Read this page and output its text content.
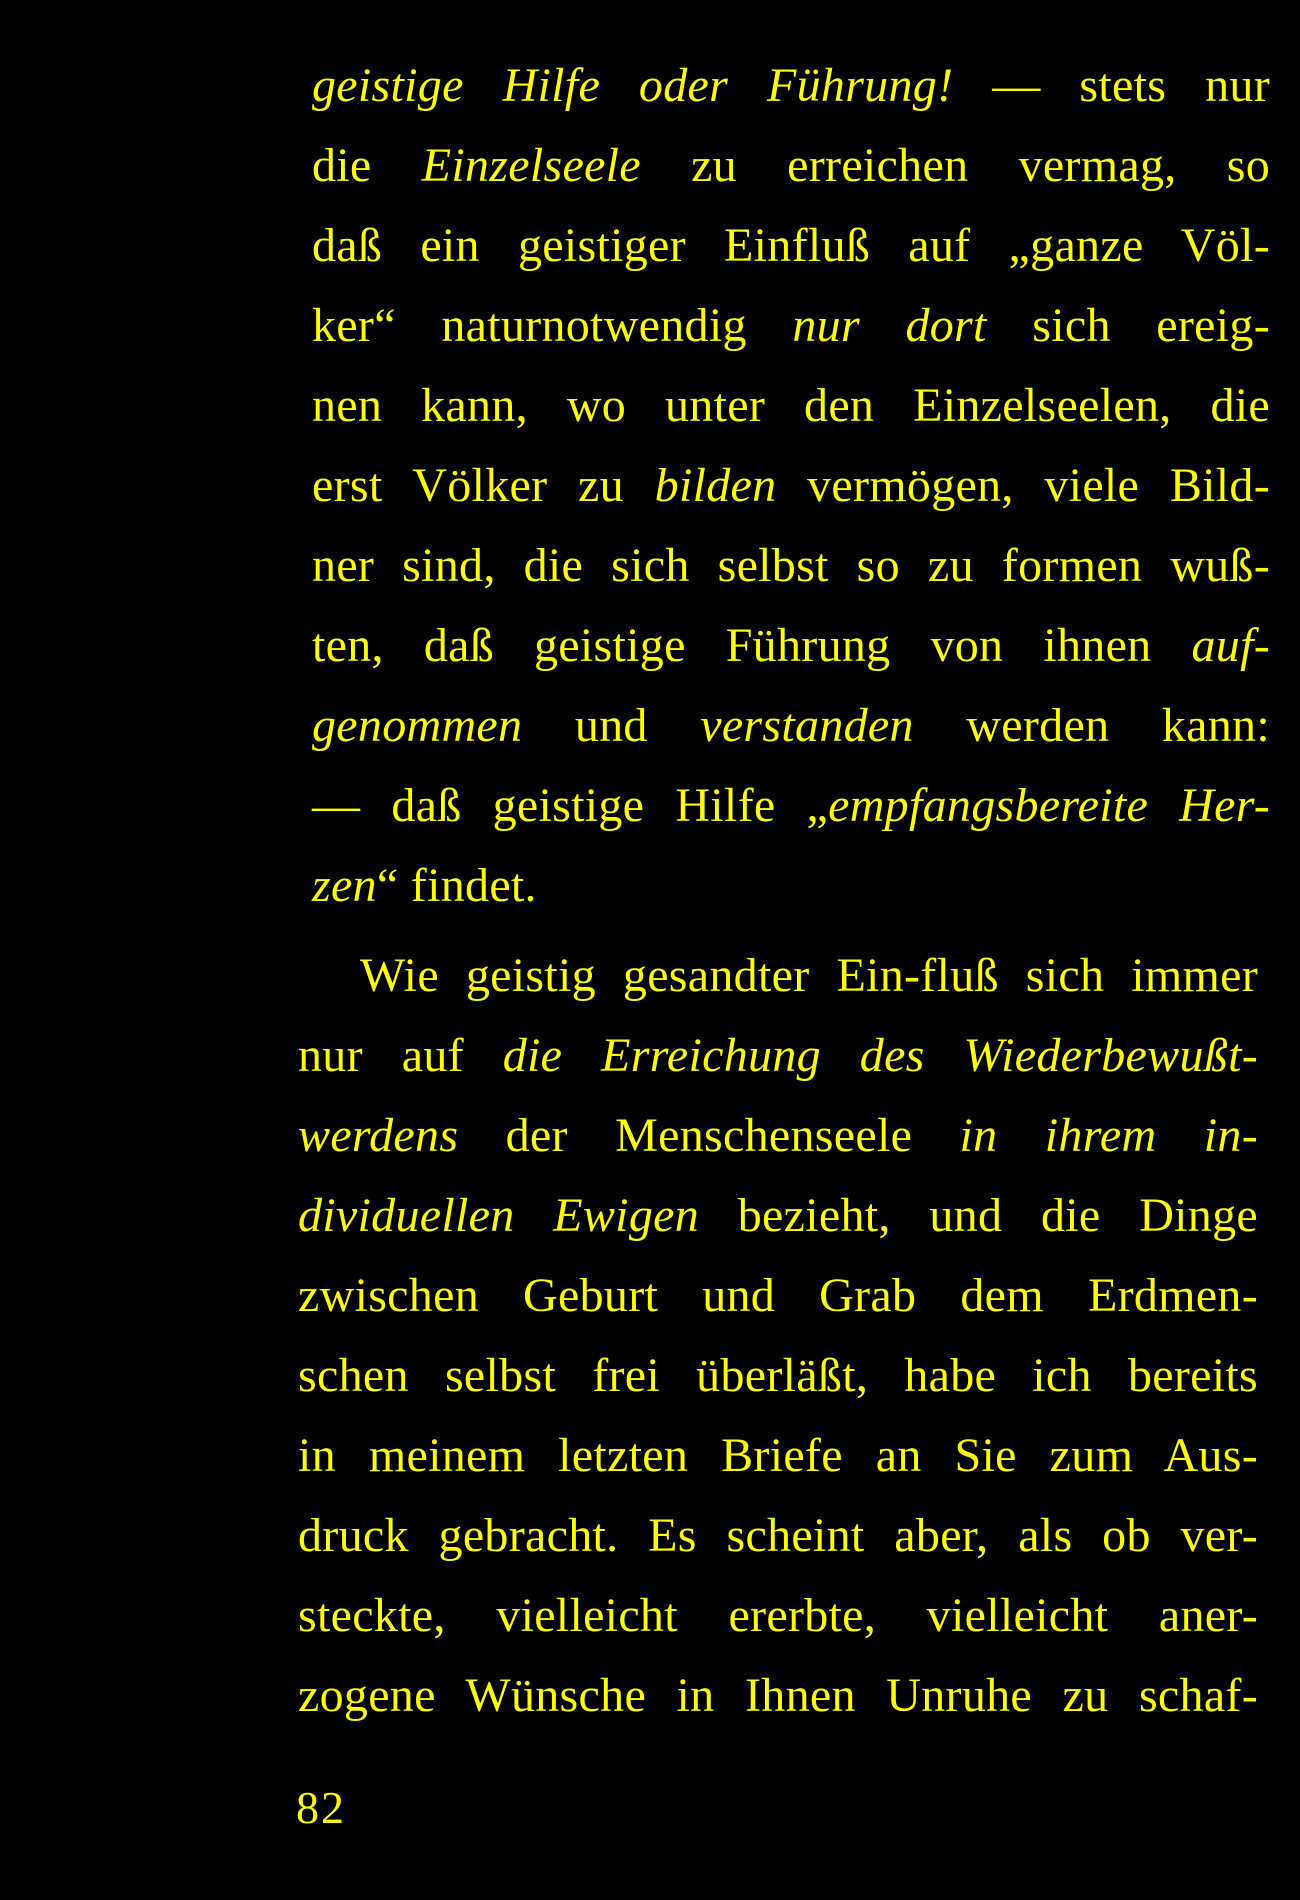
geistige Hilfe oder Führung! — stets nur
die Einzelseele zu erreichen vermag, so
daß ein geistiger Einfluß auf „ganze Völ-
ker“ naturnotwendig nur dort sich ereig-
nen kann, wo unter den Einzelseelen, die
erst Völker zu bilden vermögen, viele Bild-
ner sind, die sich selbst so zu formen wuß-
ten, daß geistige Führung von ihnen auf-
genommen und verstanden werden kann:
— daß geistige Hilfe „empfangsbereite Her-
zen“ findet.
Wie geistig gesandter Ein-fluß sich immer
nur auf die Erreichung des Wiederbewußt-
werdens der Menschenseele in ihrem in-
dividuellen Ewigen bezieht, und die Dinge
zwischen Geburt und Grab dem Erdmen-
schen selbst frei überläßt, habe ich bereits
in meinem letzten Briefe an Sie zum Aus-
druck gebracht. Es scheint aber, als ob ver-
steckte, vielleicht ererbte, vielleicht aner-
zogene Wünsche in Ihnen Unruhe zu schaf-
82
